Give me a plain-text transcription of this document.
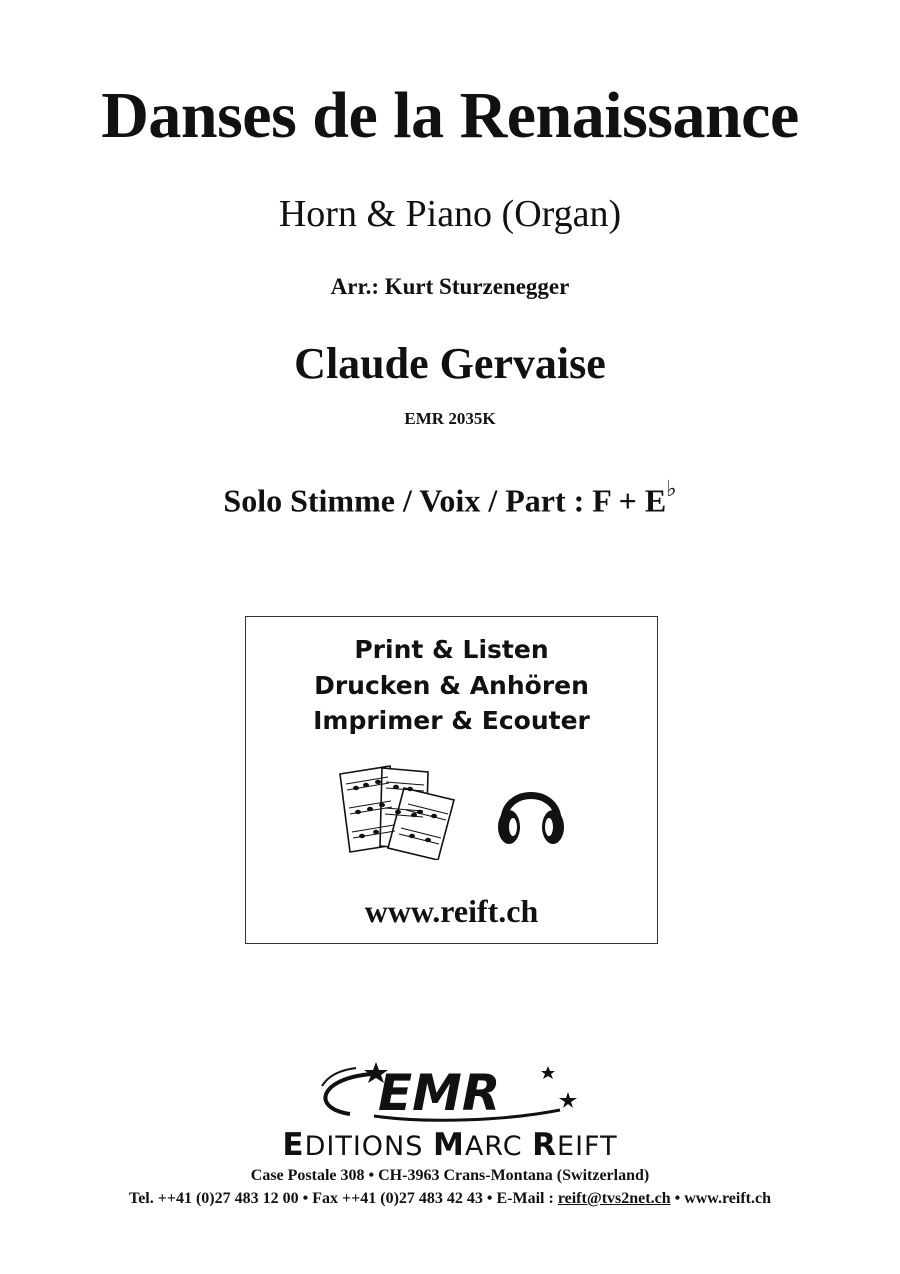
Danses de la Renaissance
Horn & Piano (Organ)
Arr.: Kurt Sturzenegger
Claude Gervaise
EMR 2035K
Solo Stimme / Voix / Part : F + E♭
Print & Listen
Drucken & Anhören
Imprimer & Ecouter
www.reift.ch
EMR
EDITIONS MARC REIFT
Case Postale 308 • CH-3963 Crans-Montana (Switzerland)
Tel. ++41 (0)27 483 12 00 • Fax ++41 (0)27 483 42 43 • E-Mail : reift@tvs2net.ch • www.reift.ch
